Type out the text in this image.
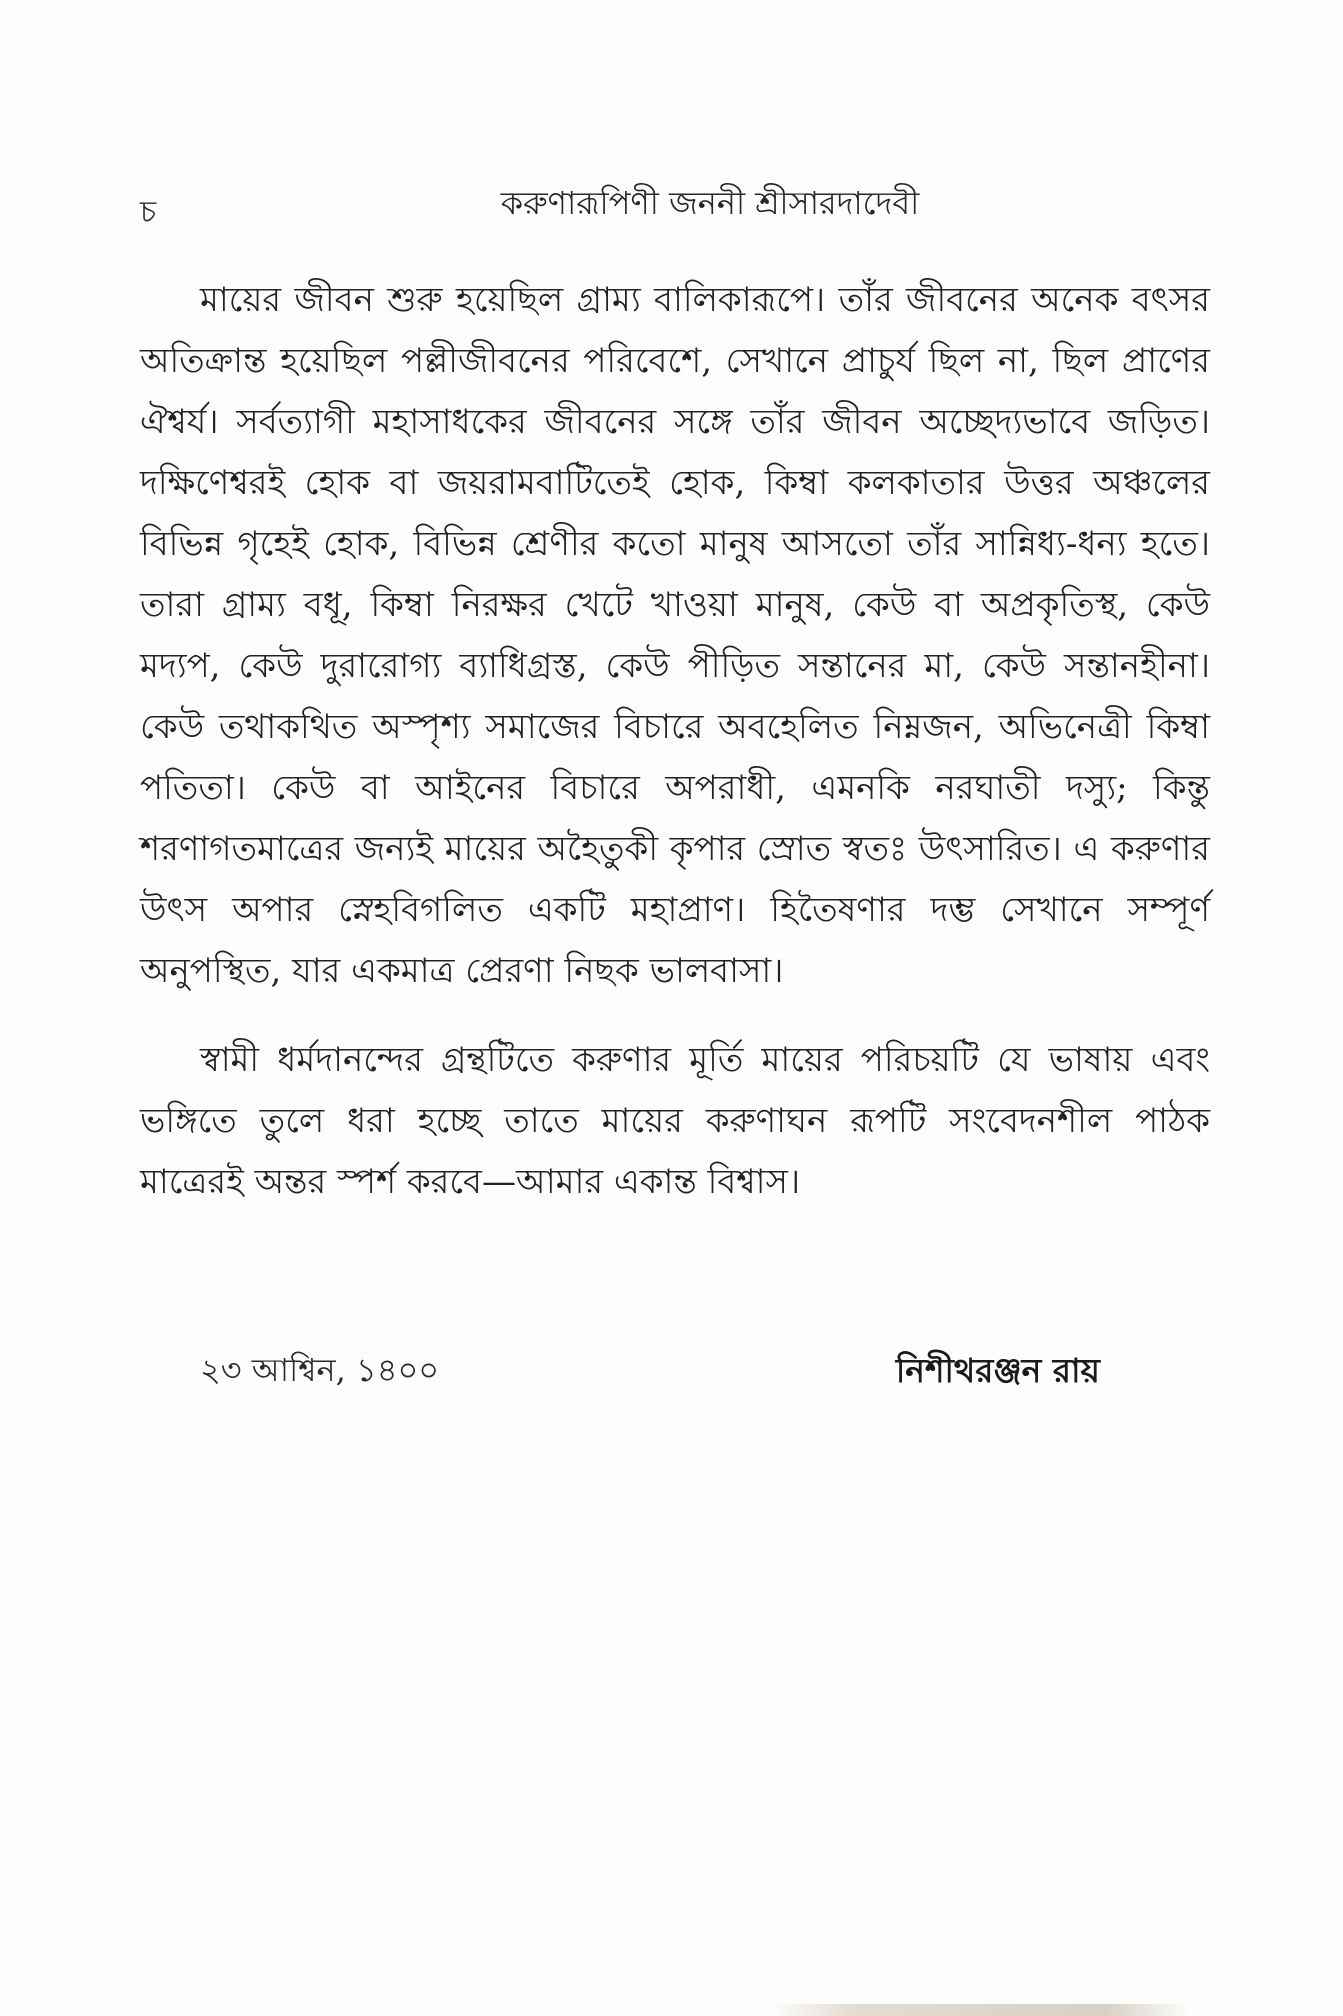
চ	করুণারূপিণী জননী শ্রীসারদাদেবী

মায়ের জীবন শুরু হয়েছিল গ্রাম্য বালিকারূপে। তাঁর জীবনের অনেক বৎসর অতিক্রান্ত হয়েছিল পল্লীজীবনের পরিবেশে, সেখানে প্রাচুর্য ছিল না, ছিল প্রাণের ঐশ্বর্য। সর্বত্যাগী মহাসাধকের জীবনের সঙ্গে তাঁর জীবন অচ্ছেদ্যভাবে জড়িত। দক্ষিণেশ্বরই হোক বা জয়রামবাটিতেই হোক, কিম্বা কলকাতার উত্তর অঞ্চলের বিভিন্ন গৃহেই হোক, বিভিন্ন শ্রেণীর কতো মানুষ আসতো তাঁর সান্নিধ্য-ধন্য হতে। তারা গ্রাম্য বধূ, কিম্বা নিরক্ষর খেটে খাওয়া মানুষ, কেউ বা অপ্রকৃতিস্থ, কেউ মদ্যপ, কেউ দুরারোগ্য ব্যাধিগ্রস্ত, কেউ পীড়িত সন্তানের মা, কেউ সন্তানহীনা। কেউ তথাকথিত অস্পৃশ্য সমাজের বিচারে অবহেলিত নিম্নজন, অভিনেত্রী কিম্বা পতিতা। কেউ বা আইনের বিচারে অপরাধী, এমনকি নরঘাতী দস্যু; কিন্তু শরণাগতমাত্রের জন্যই মায়ের অহৈতুকী কৃপার স্রোত স্বতঃ উৎসারিত। এ করুণার উৎস অপার স্নেহবিগলিত একটি মহাপ্রাণ। হিতৈষণার দম্ভ সেখানে সম্পূর্ণ অনুপস্থিত, যার একমাত্র প্রেরণা নিছক ভালবাসা।

স্বামী ধর্মদানন্দের গ্রন্থটিতে করুণার মূর্তি মায়ের পরিচয়টি যে ভাষায় এবং ভঙ্গিতে তুলে ধরা হচ্ছে তাতে মায়ের করুণাঘন রূপটি সংবেদনশীল পাঠক মাত্রেরই অন্তর স্পর্শ করবে—আমার একান্ত বিশ্বাস।

২৩ আশ্বিন, ১৪০০	নিশীথরঞ্জন রায়
